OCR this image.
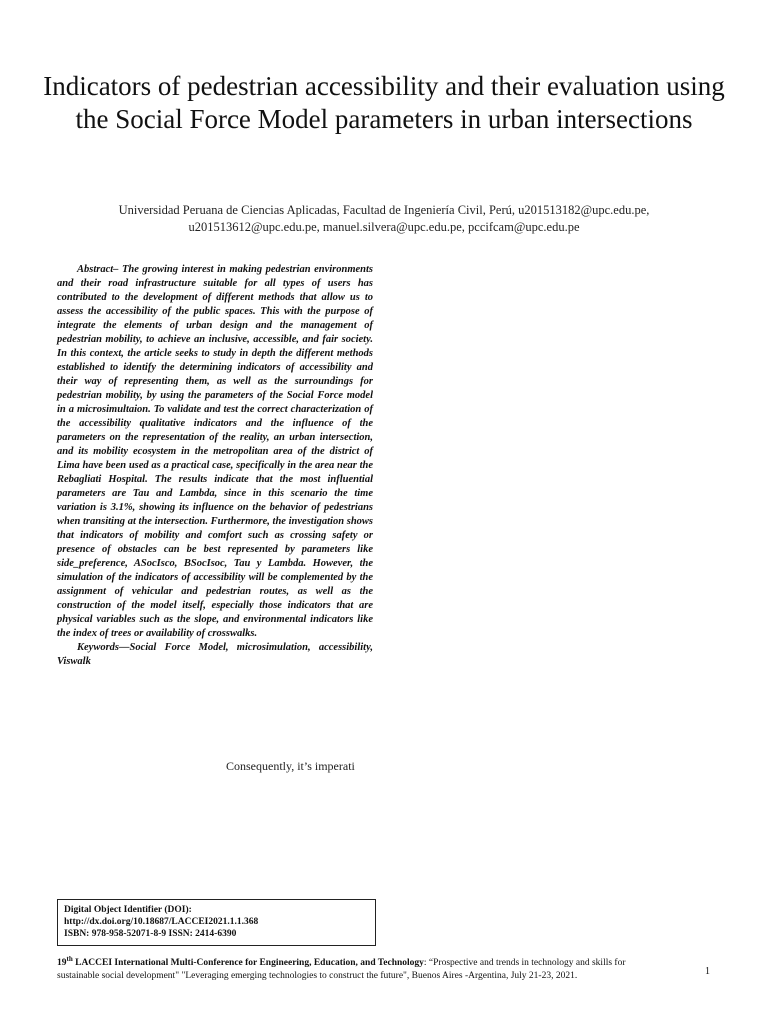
Indicators of pedestrian accessibility and their evaluation using the Social Force Model parameters in urban intersections
Universidad Peruana de Ciencias Aplicadas, Facultad de Ingeniería Civil, Perú, u201513182@upc.edu.pe,
u201513612@upc.edu.pe, manuel.silvera@upc.edu.pe, pccifcam@upc.edu.pe

Abstract– The growing interest in making pedestrian environments and their road infrastructure suitable for all types of users has contributed to the development of different methods that allow us to assess the accessibility of the public spaces. This with the purpose of integrate the elements of urban design and the management of pedestrian mobility, to achieve an inclusive, accessible, and fair society. In this context, the article seeks to study in depth the different methods established to identify the determining indicators of accessibility and their way of representing them, as well as the surroundings for pedestrian mobility, by using the parameters of the Social Force model in a microsimultaion. To validate and test the correct characterization of the accessibility qualitative indicators and the influence of the parameters on the representation of the reality, an urban intersection, and its mobility ecosystem in the metropolitan area of the district of Lima have been used as a practical case, specifically in the area near the Rebagliati Hospital. The results indicate that the most influential parameters are Tau and Lambda, since in this scenario the time variation is 3.1%, showing its influence on the behavior of pedestrians when transiting at the intersection. Furthermore, the investigation shows that indicators of mobility and comfort such as crossing safety or presence of obstacles can be best represented by parameters like side_preference, ASocIsco, BSocIsoc, Tau y Lambda. However, the simulation of the indicators of accessibility will be complemented by the assignment of vehicular and pedestrian routes, as well as the construction of the model itself, especially those indicators that are physical variables such as the slope, and environmental indicators like the index of trees or availability of crosswalks.

Keywords—Social Force Model, microsimulation, accessibility, Viswalk

Consequently, it’s imperati
Digital Object Identifier (DOI):
http://dx.doi.org/10.18687/LACCEI2021.1.1.368
ISBN: 978-958-52071-8-9 ISSN: 2414-6390
19th LACCEI International Multi-Conference for Engineering, Education, and Technology: “Prospective and trends in technology and skills for sustainable social development" "Leveraging emerging technologies to construct the future", Buenos Aires -Argentina, July 21-23, 2021.	1
